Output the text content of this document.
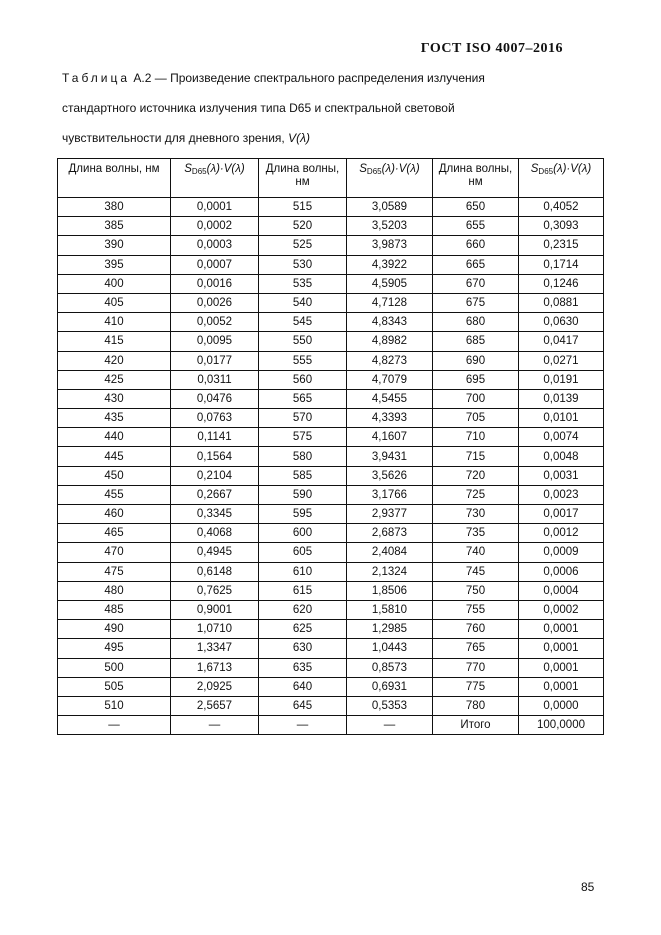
ГОСТ ISO 4007–2016
Таблица А.2 — Произведение спектрального распределения излучения
стандартного источника излучения типа D65 и спектральной световой
чувствительности для дневного зрения, V(λ)
Длина волны, нм	$S_{D65}(\lambda)\cdot V(\lambda)$	Длина волны, нм	$S_{D65}(\lambda)\cdot V(\lambda)$	Длина волны, нм	$S_{D65}(\lambda)\cdot V(\lambda)$
380	0,0001	515	3,0589	650	0,4052
385	0,0002	520	3,5203	655	0,3093
390	0,0003	525	3,9873	660	0,2315
395	0,0007	530	4,3922	665	0,1714
400	0,0016	535	4,5905	670	0,1246
405	0,0026	540	4,7128	675	0,0881
410	0,0052	545	4,8343	680	0,0630
415	0,0095	550	4,8982	685	0,0417
420	0,0177	555	4,8273	690	0,0271
425	0,0311	560	4,7079	695	0,0191
430	0,0476	565	4,5455	700	0,0139
435	0,0763	570	4,3393	705	0,0101
440	0,1141	575	4,1607	710	0,0074
445	0,1564	580	3,9431	715	0,0048
450	0,2104	585	3,5626	720	0,0031
455	0,2667	590	3,1766	725	0,0023
460	0,3345	595	2,9377	730	0,0017
465	0,4068	600	2,6873	735	0,0012
470	0,4945	605	2,4084	740	0,0009
475	0,6148	610	2,1324	745	0,0006
480	0,7625	615	1,8506	750	0,0004
485	0,9001	620	1,5810	755	0,0002
490	1,0710	625	1,2985	760	0,0001
495	1,3347	630	1,0443	765	0,0001
500	1,6713	635	0,8573	770	0,0001
505	2,0925	640	0,6931	775	0,0001
510	2,5657	645	0,5353	780	0,0000
—	—	—	—	Итого	100,0000
85
